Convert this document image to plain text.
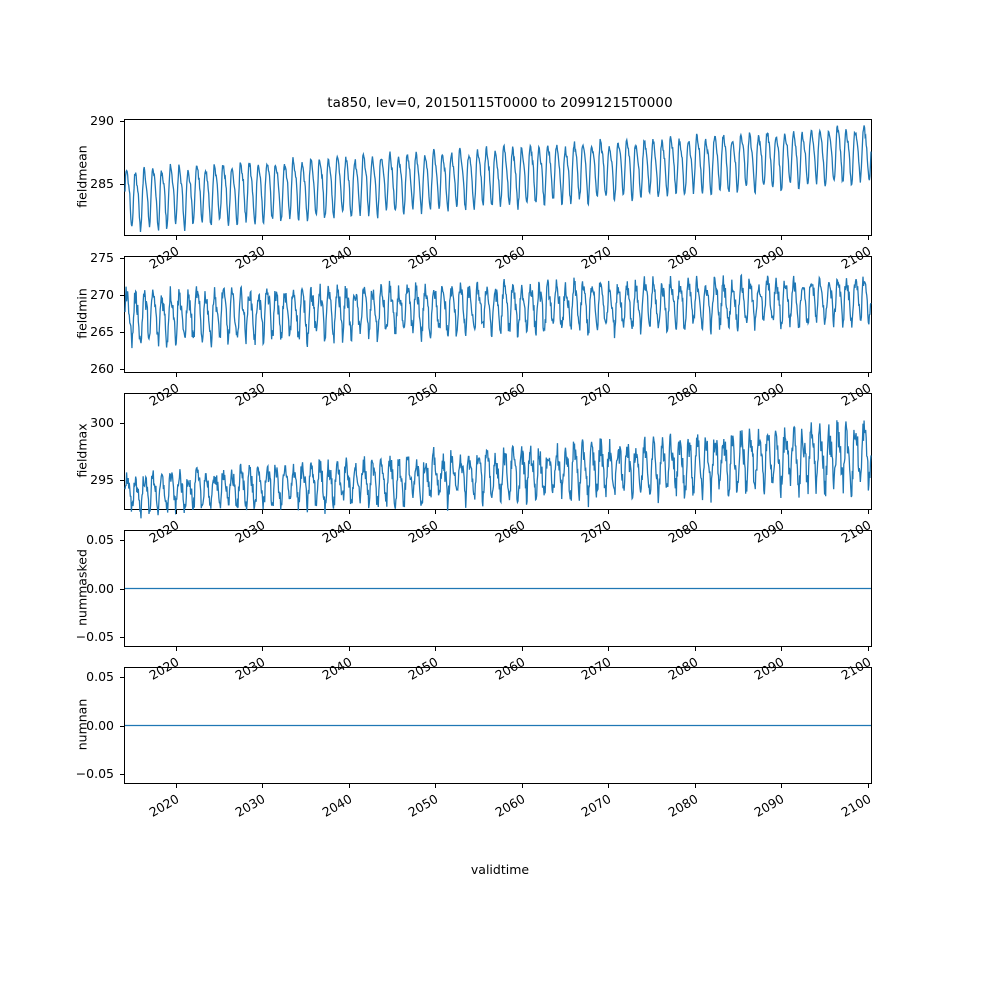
ta850, lev=0, 20150115T0000 to 20991215T0000
fieldmean 285
290
2020	2030	2040	2050	2060	2070	2080	2090	2100
fieldmin
260
265
270
275
2020	2030	2040	2050	2060	2070	2080	2090	2100
fieldmax
295
300
2020	2030	2040	2050	2060	2070	2080	2090	2100
nummasked
−0.05
0.00
0.05
2020	2030	2040	2050	2060	2070	2080	2090	2100
numnan
−0.05
0.00
0.05
2020	2030	2040	2050	2060	2070	2080	2090	2100
validtime
